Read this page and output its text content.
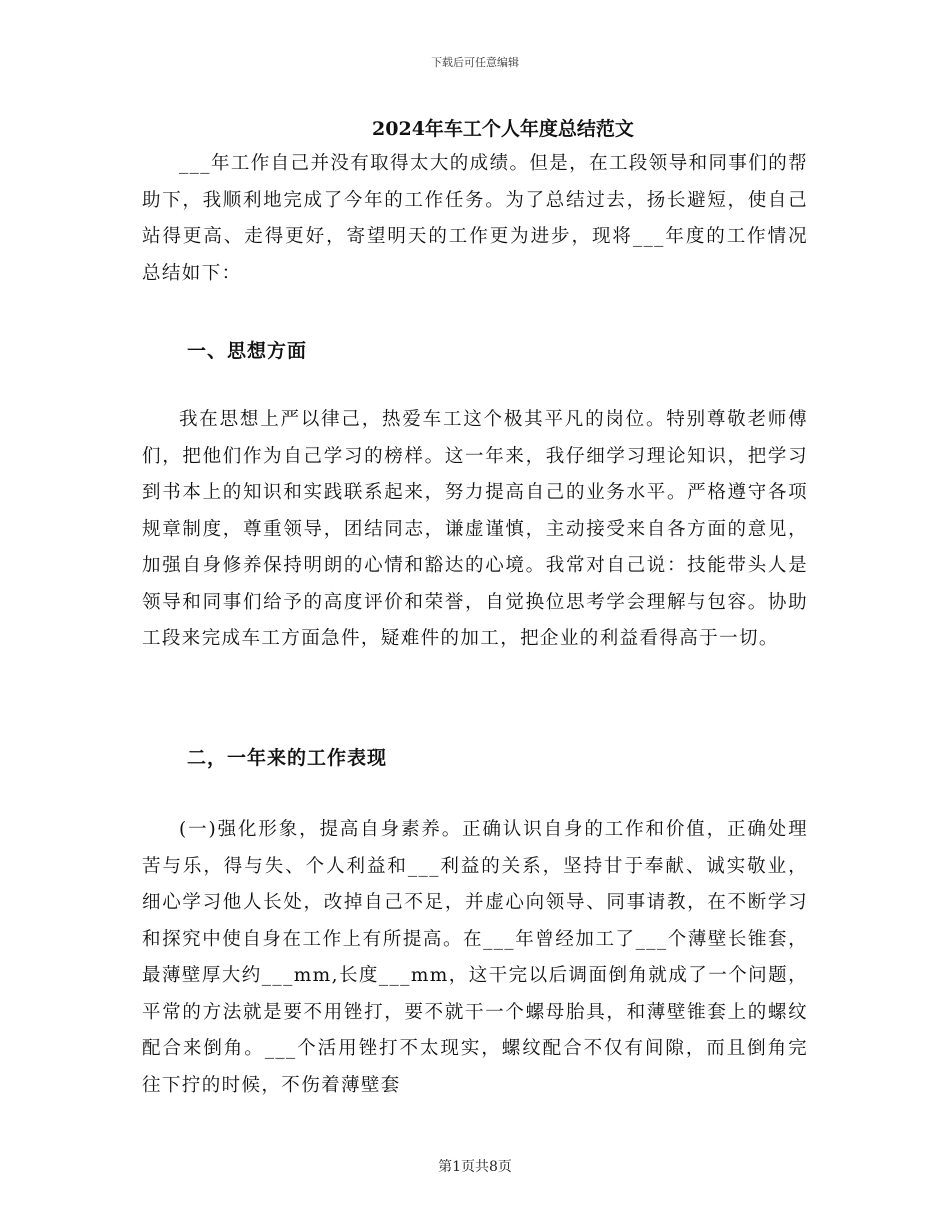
下载后可任意编辑
2024年车工个人年度总结范文

___年工作自己并没有取得太大的成绩。但是，在工段领导和同事们的帮助下，我顺利地完成了今年的工作任务。为了总结过去，扬长避短，使自己站得更高、走得更好，寄望明天的工作更为进步，现将___年度的工作情况总结如下：

一、思想方面

我在思想上严以律己，热爱车工这个极其平凡的岗位。特别尊敬老师傅们，把他们作为自己学习的榜样。这一年来，我仔细学习理论知识，把学习到书本上的知识和实践联系起来，努力提高自己的业务水平。严格遵守各项规章制度，尊重领导，团结同志，谦虚谨慎，主动接受来自各方面的意见，加强自身修养保持明朗的心情和豁达的心境。我常对自己说：技能带头人是领导和同事们给予的高度评价和荣誉，自觉换位思考学会理解与包容。协助工段来完成车工方面急件，疑难件的加工，把企业的利益看得高于一切。

二，一年来的工作表现

(一)强化形象，提高自身素养。正确认识自身的工作和价值，正确处理苦与乐，得与失、个人利益和___利益的关系，坚持甘于奉献、诚实敬业，细心学习他人长处，改掉自己不足，并虚心向领导、同事请教，在不断学习和探究中使自身在工作上有所提高。在___年曾经加工了___个薄壁长锥套，最薄壁厚大约___mm,长度___mm，这干完以后调面倒角就成了一个问题，平常的方法就是要不用锉打，要不就干一个螺母胎具，和薄壁锥套上的螺纹配合来倒角。___个活用锉打不太现实，螺纹配合不仅有间隙，而且倒角完往下拧的时候，不伤着薄壁套

第1页共8页
